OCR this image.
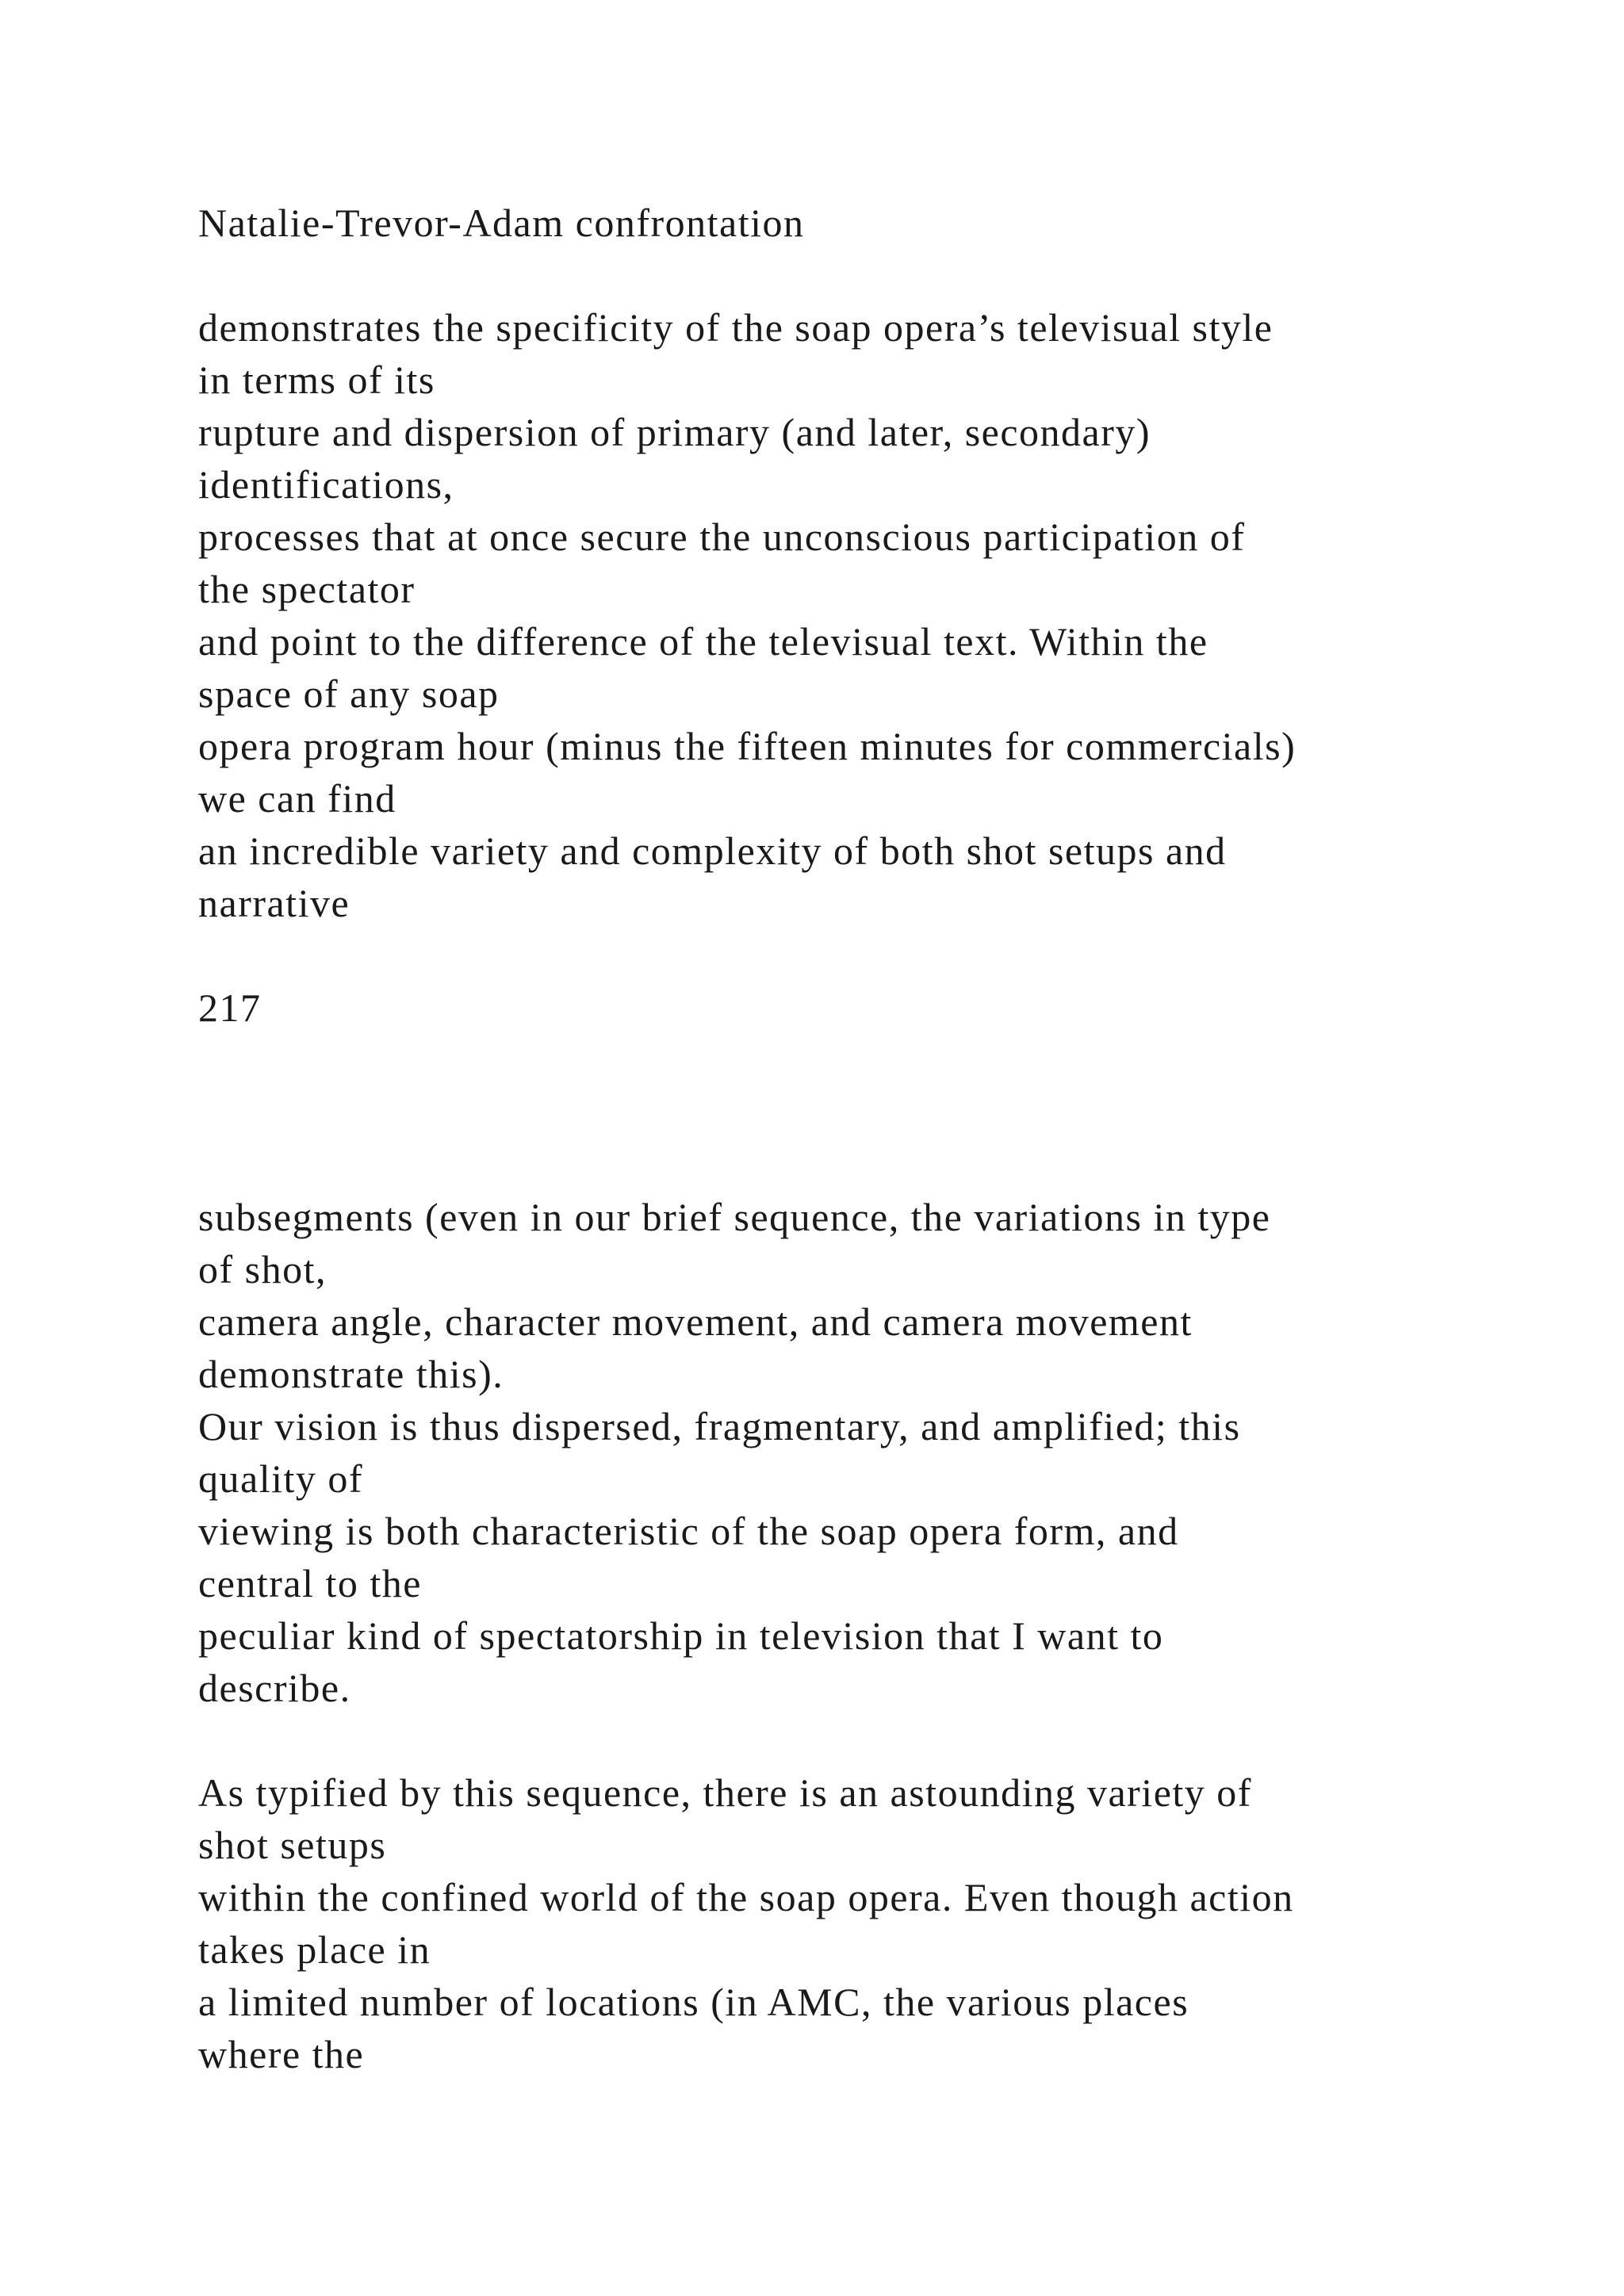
Natalie-Trevor-Adam confrontation
demonstrates the specificity of the soap opera’s televisual style
in terms of its
rupture and dispersion of primary (and later, secondary)
identifications,
processes that at once secure the unconscious participation of
the spectator
and point to the difference of the televisual text. Within the
space of any soap
opera program hour (minus the fifteen minutes for commercials)
we can find
an incredible variety and complexity of both shot setups and
narrative
217
subsegments (even in our brief sequence, the variations in type
of shot,
camera angle, character movement, and camera movement
demonstrate this).
Our vision is thus dispersed, fragmentary, and amplified; this
quality of
viewing is both characteristic of the soap opera form, and
central to the
peculiar kind of spectatorship in television that I want to
describe.
As typified by this sequence, there is an astounding variety of
shot setups
within the confined world of the soap opera. Even though action
takes place in
a limited number of locations (in AMC, the various places
where the
